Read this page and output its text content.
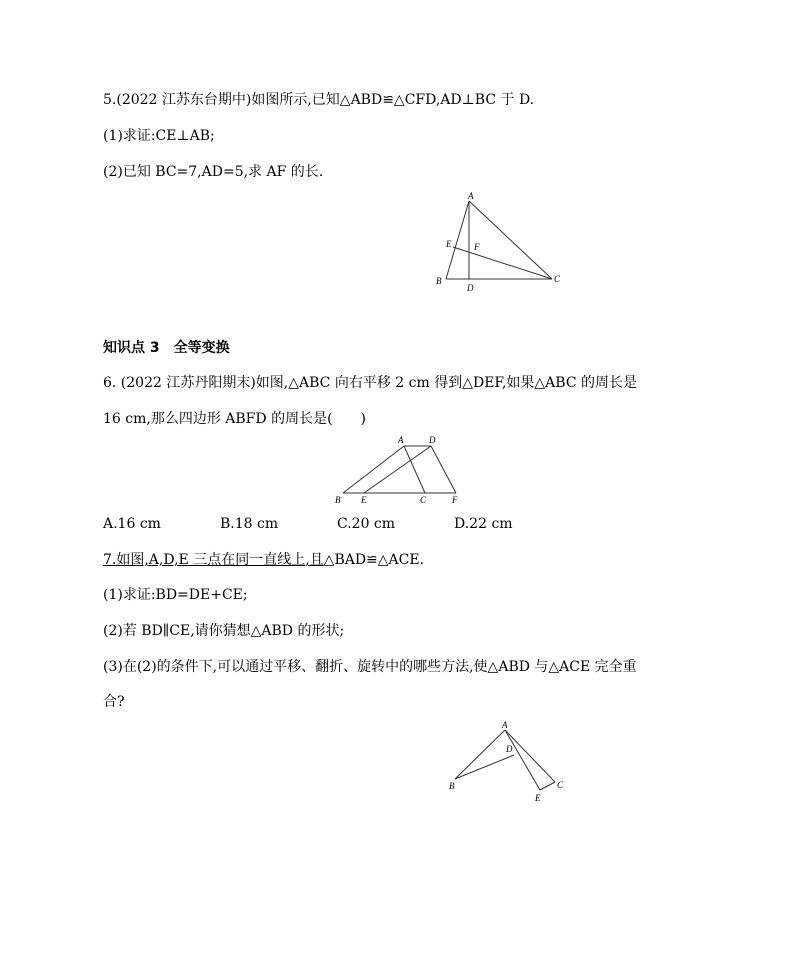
5.(2022 江苏东台期中)如图所示,已知△ABD≌△CFD,AD⊥BC 于 D.
(1)求证:CE⊥AB;
(2)已知 BC=7,AD=5,求 AF 的长.
A
B	C
D
E	F
知识点 3　全等变换
6. (2022 江苏丹阳期末)如图,△ABC 向右平移 2 cm 得到△DEF,如果△ABC 的周长是
16 cm,那么四边形 ABFD 的周长是(　　)
A	D
B E	C	F
A.16 cm	B.18 cm	C.20 cm	D.22 cm
7.如图,A,D,E 三点在同一直线上,且△BAD≌△ACE.
(1)求证:BD=DE+CE;
(2)若 BD∥CE,请你猜想△ABD 的形状;
(3)在(2)的条件下,可以通过平移、翻折、旋转中的哪些方法,使△ABD 与△ACE 完全重
合?
A
D
B
E
C
